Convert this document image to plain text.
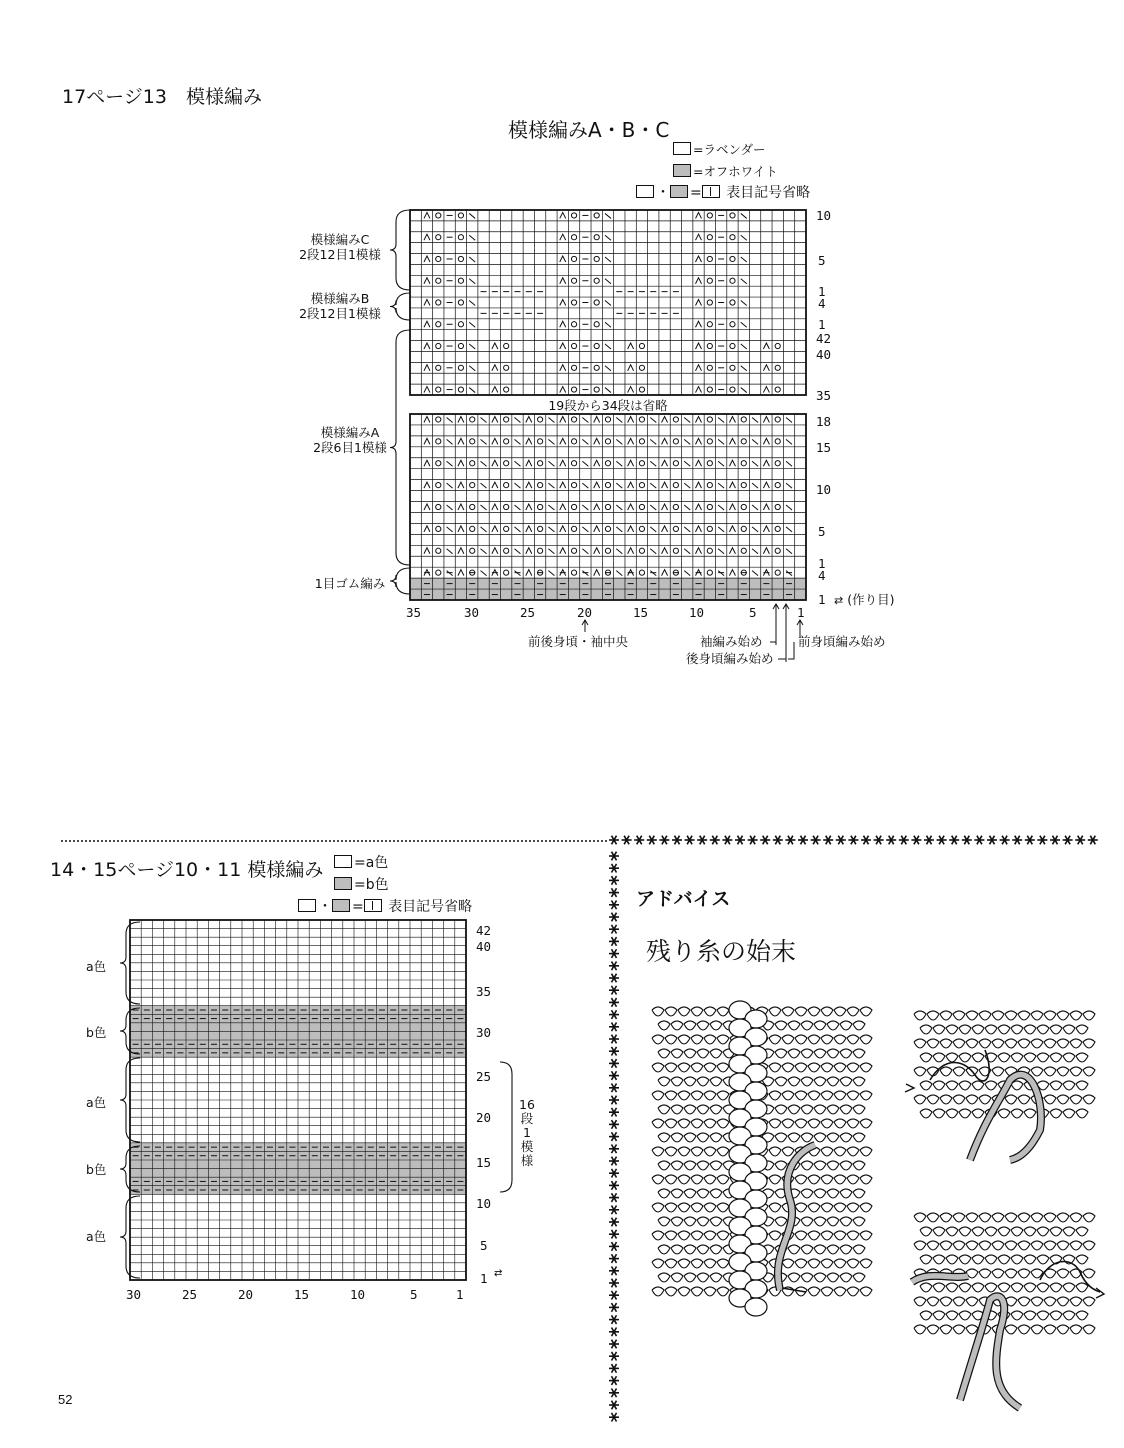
17ページ13　模様編み
模様編みA・B・C
=ラベンダー
=オフホワイト
・ = 表目記号省略
模様編みC
2段12目1模様
模様編みB
2段12目1模様
模様編みA
2段6目1模様
1目ゴム編み
19段から34段は省略
10
5
1
4
1
42
40
35
18
15
10
5
1
4
1 ⇄ (作り目)
35	30	25	20	15	10	5	1
前後身頃・袖中央	袖編み始め
後身頃編み始め
前身頃編み始め
14・15ページ10・11 模様編み	=a色
=b色
・ = 表目記号省略
a色
b色
a色
b色
a色
42
40
35
30
25
20
15
10
5
1 ⇄
16段1模様
30	25	20	15	10	5	1
アドバイス
残り糸の始末
52
